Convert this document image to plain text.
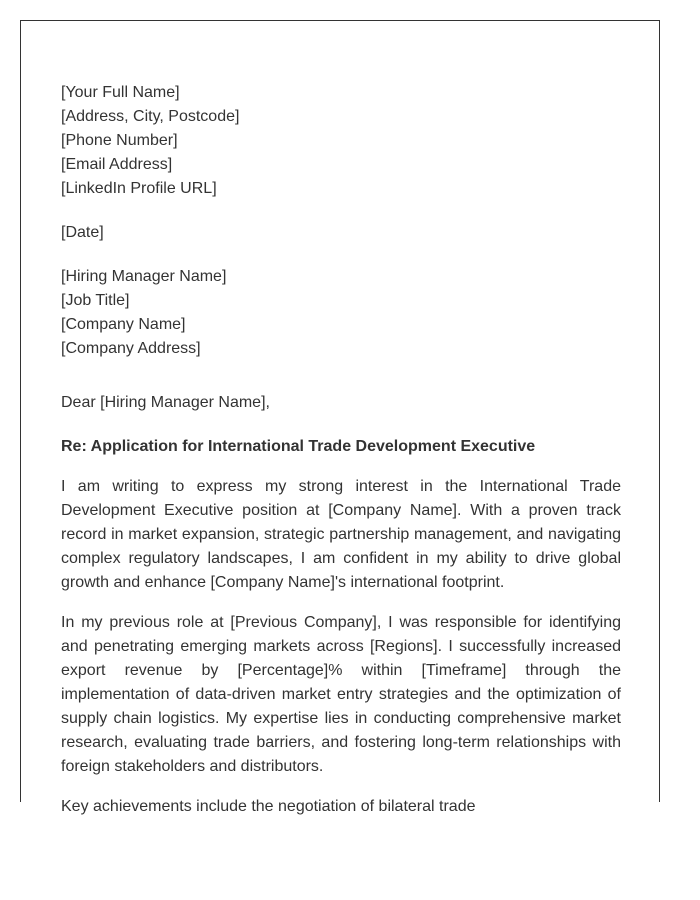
[Your Full Name]
[Address, City, Postcode]
[Phone Number]
[Email Address]
[LinkedIn Profile URL]
[Date]
[Hiring Manager Name]
[Job Title]
[Company Name]
[Company Address]
Dear [Hiring Manager Name],
Re: Application for International Trade Development Executive

I am writing to express my strong interest in the International Trade Development Executive position at [Company Name]. With a proven track record in market expansion, strategic partnership management, and navigating complex regulatory landscapes, I am confident in my ability to drive global growth and enhance [Company Name]'s international footprint.

In my previous role at [Previous Company], I was responsible for identifying and penetrating emerging markets across [Regions]. I successfully increased export revenue by [Percentage]% within [Timeframe] through the implementation of data-driven market entry strategies and the optimization of supply chain logistics. My expertise lies in conducting comprehensive market research, evaluating trade barriers, and fostering long-term relationships with foreign stakeholders and distributors.

Key achievements include the negotiation of bilateral trade
